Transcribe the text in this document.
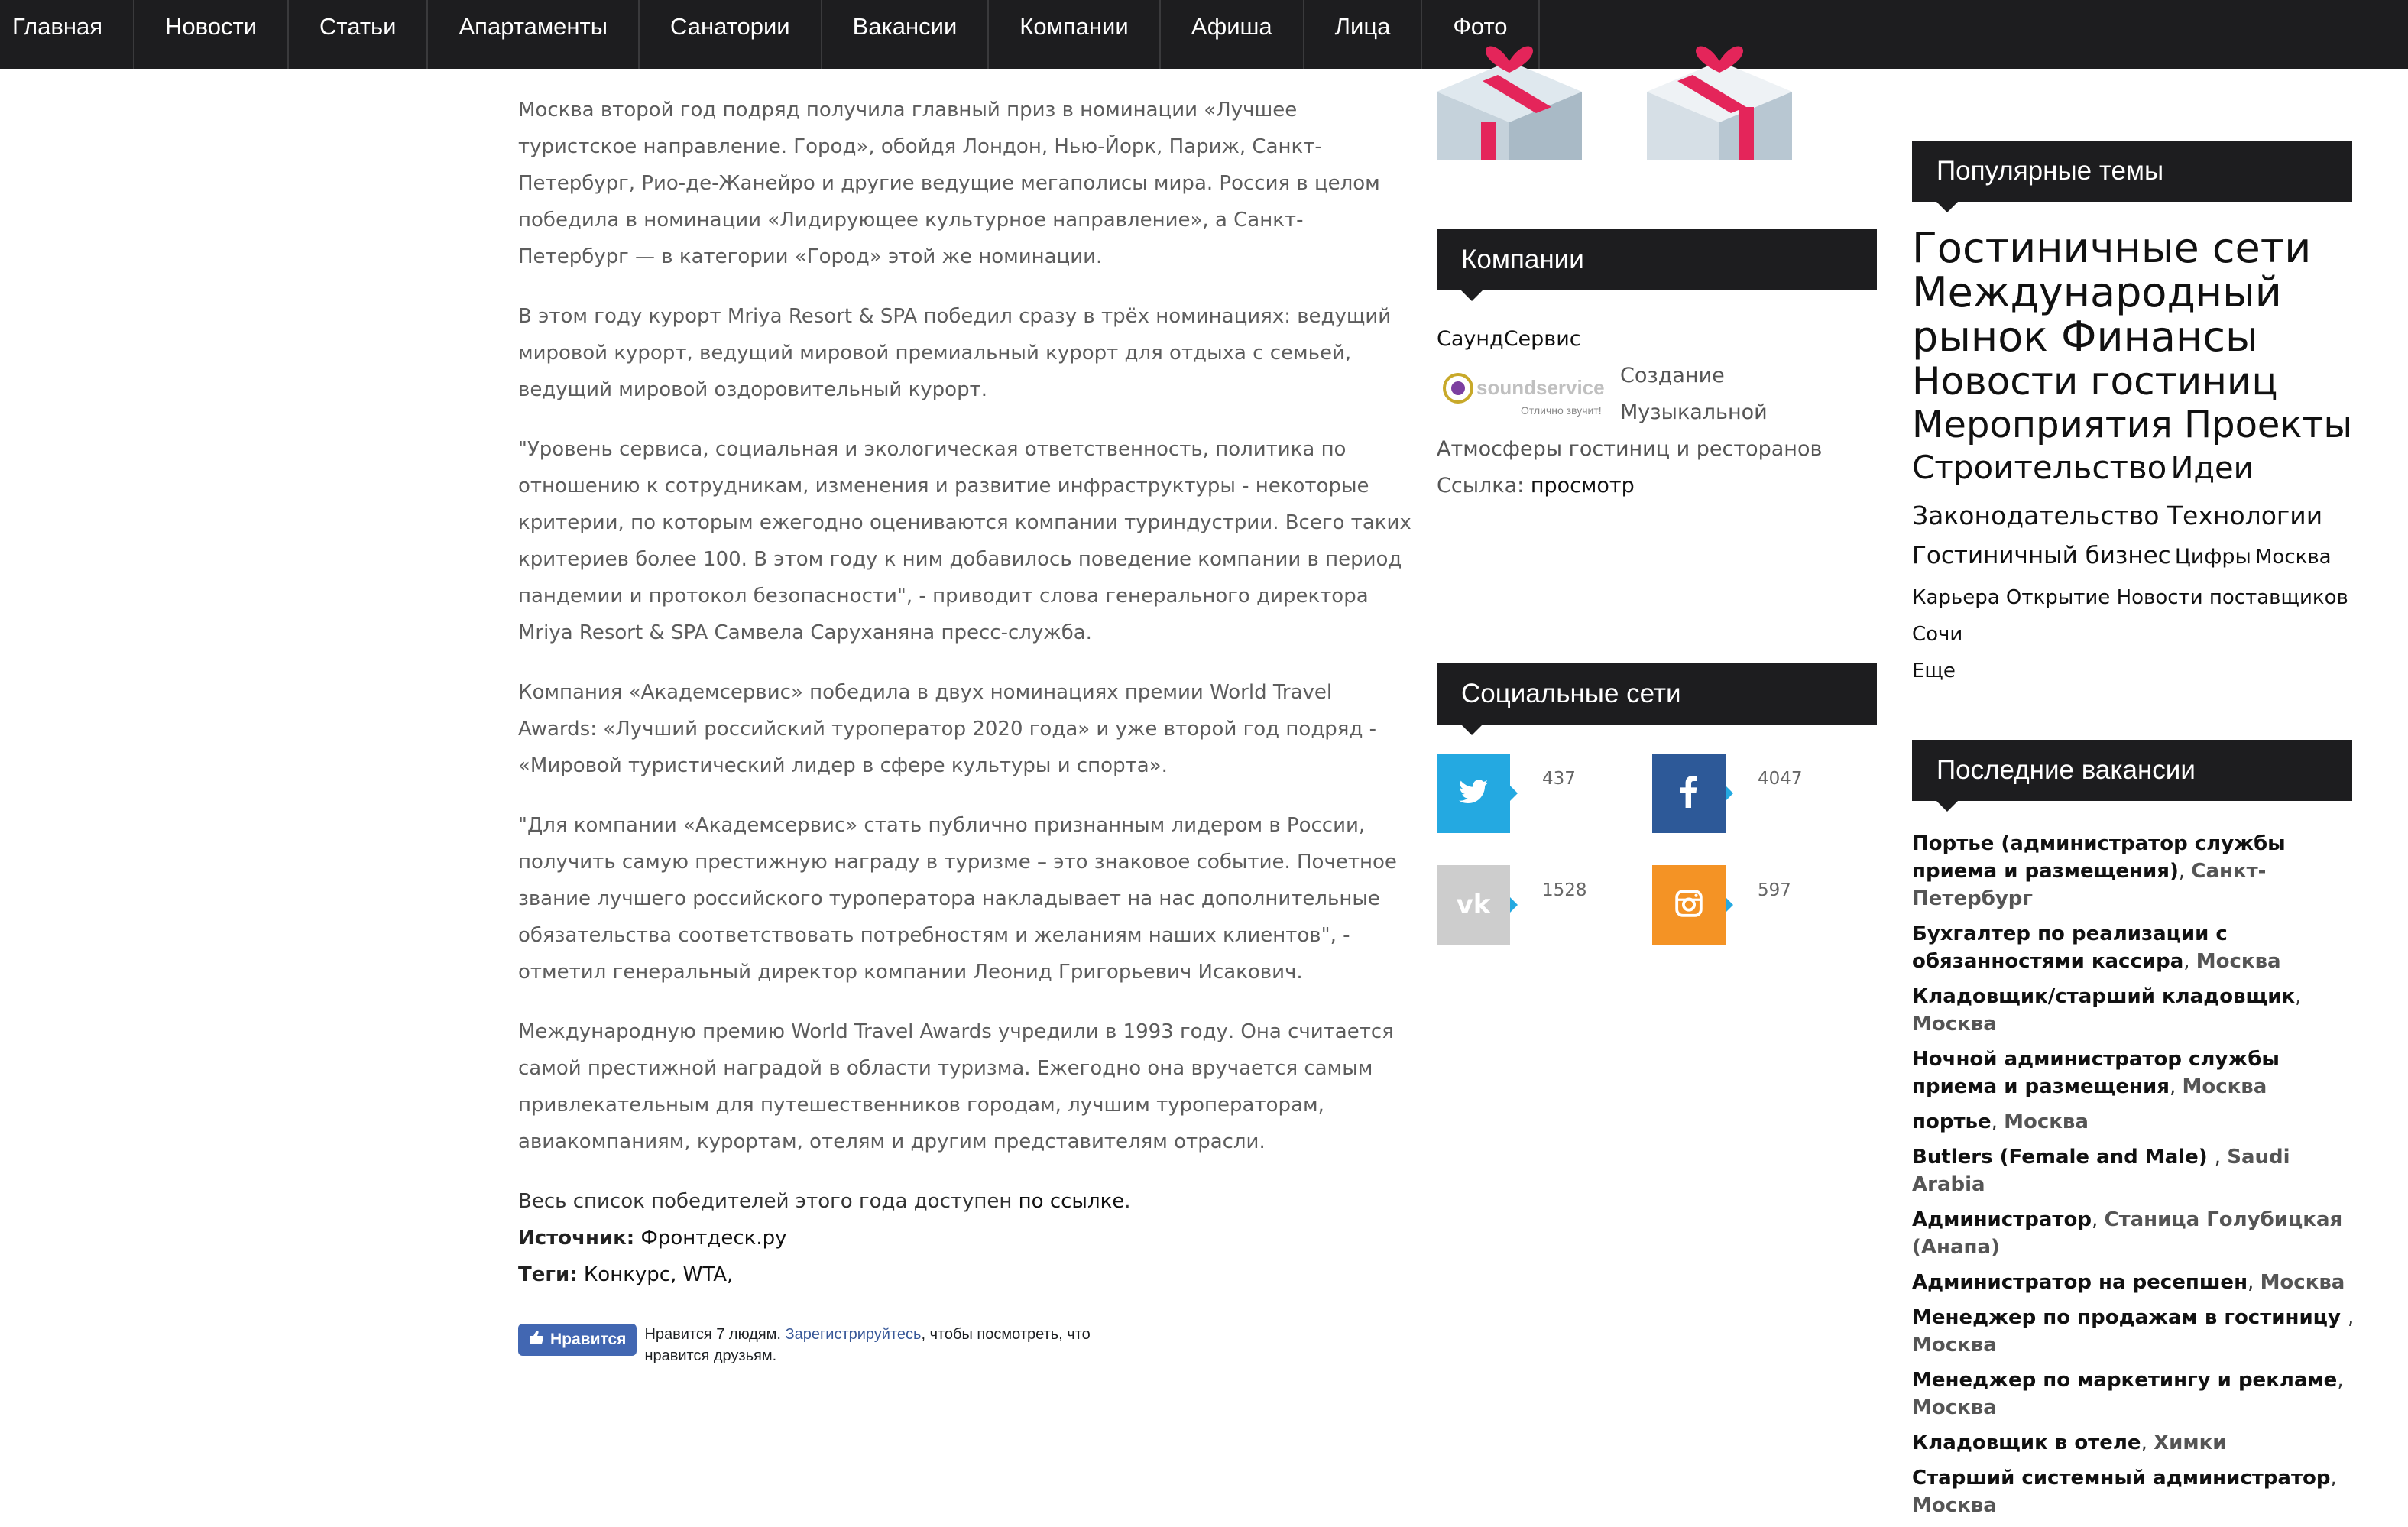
Главная	Новости	Статьи	Апартаменты	Санатории	Вакансии	Компании	Афиша	Лица	Фото

Москва второй год подряд получила главный приз в номинации «Лучшее туристское направление. Город», обойдя Лондон, Нью-Йорк, Париж, Санкт-Петербург, Рио-де-Жанейро и другие ведущие мегаполисы мира. Россия в целом победила в номинации «Лидирующее культурное направление», а Санкт-Петербург — в категории «Город» этой же номинации.

В этом году курорт Mriya Resort & SPA победил сразу в трёх номинациях: ведущий мировой курорт, ведущий мировой премиальный курорт для отдыха с семьей, ведущий мировой оздоровительный курорт.

"Уровень сервиса, социальная и экологическая ответственность, политика по отношению к сотрудникам, изменения и развитие инфраструктуры - некоторые критерии, по которым ежегодно оцениваются компании туриндустрии. Всего таких критериев более 100. В этом году к ним добавилось поведение компании в период пандемии и протокол безопасности", - приводит слова генерального директора Mriya Resort & SPA Самвела Саруханяна пресс-служба.

Компания «Академсервис» победила в двух номинациях премии World Travel Awards: «Лучший российский туроператор 2020 года» и уже второй год подряд - «Мировой туристический лидер в сфере культуры и спорта».

"Для компании «Академсервис» стать публично признанным лидером в России, получить самую престижную награду в туризме – это знаковое событие. Почетное звание лучшего российского туроператора накладывает на нас дополнительные обязательства соответствовать потребностям и желаниям наших клиентов", - отметил генеральный директор компании Леонид Григорьевич Исакович.

Международную премию World Travel Awards учредили в 1993 году. Она считается самой престижной наградой в области туризма. Ежегодно она вручается самым привлекательным для путешественников городам, лучшим туроператорам, авиакомпаниям, курортам, отелям и другим представителям отрасли.

Весь список победителей этого года доступен по ссылке.
Источник: Фронтдеск.ру
Теги: Конкурс, WTA,
Нравится Нравится 7 людям. Зарегистрируйтесь, чтобы посмотреть, что нравится друзьям.
Компании
СаундСервис
soundservice
Отлично звучит!
Создание Музыкальной Атмосферы гостиниц и ресторанов
Ссылка: просмотр
Социальные сети
437	4047
vk	1528	597
Популярные темы
Гостиничные сети
Международный рынок Финансы
Новости гостиниц
Мероприятия Проекты
Строительство Идеи
Законодательство Технологии
Гостиничный бизнес Цифры Москва
Карьера Открытие Новости поставщиков
Сочи
Еще
Последние вакансии
Портье (администратор службы приема и размещения), Санкт-Петербург
Бухгалтер по реализации с обязанностями кассира, Москва
Кладовщик/старший кладовщик, Москва
Ночной администратор службы приема и размещения, Москва
портье, Москва
Butlers (Female and Male) , Saudi Arabia
Администратор, Станица Голубицкая (Анапа)
Администратор на ресепшен, Москва
Менеджер по продажам в гостиницу , Москва
Менеджер по маркетингу и рекламе, Москва
Кладовщик в отеле, Химки
Старший системный администратор, Москва
